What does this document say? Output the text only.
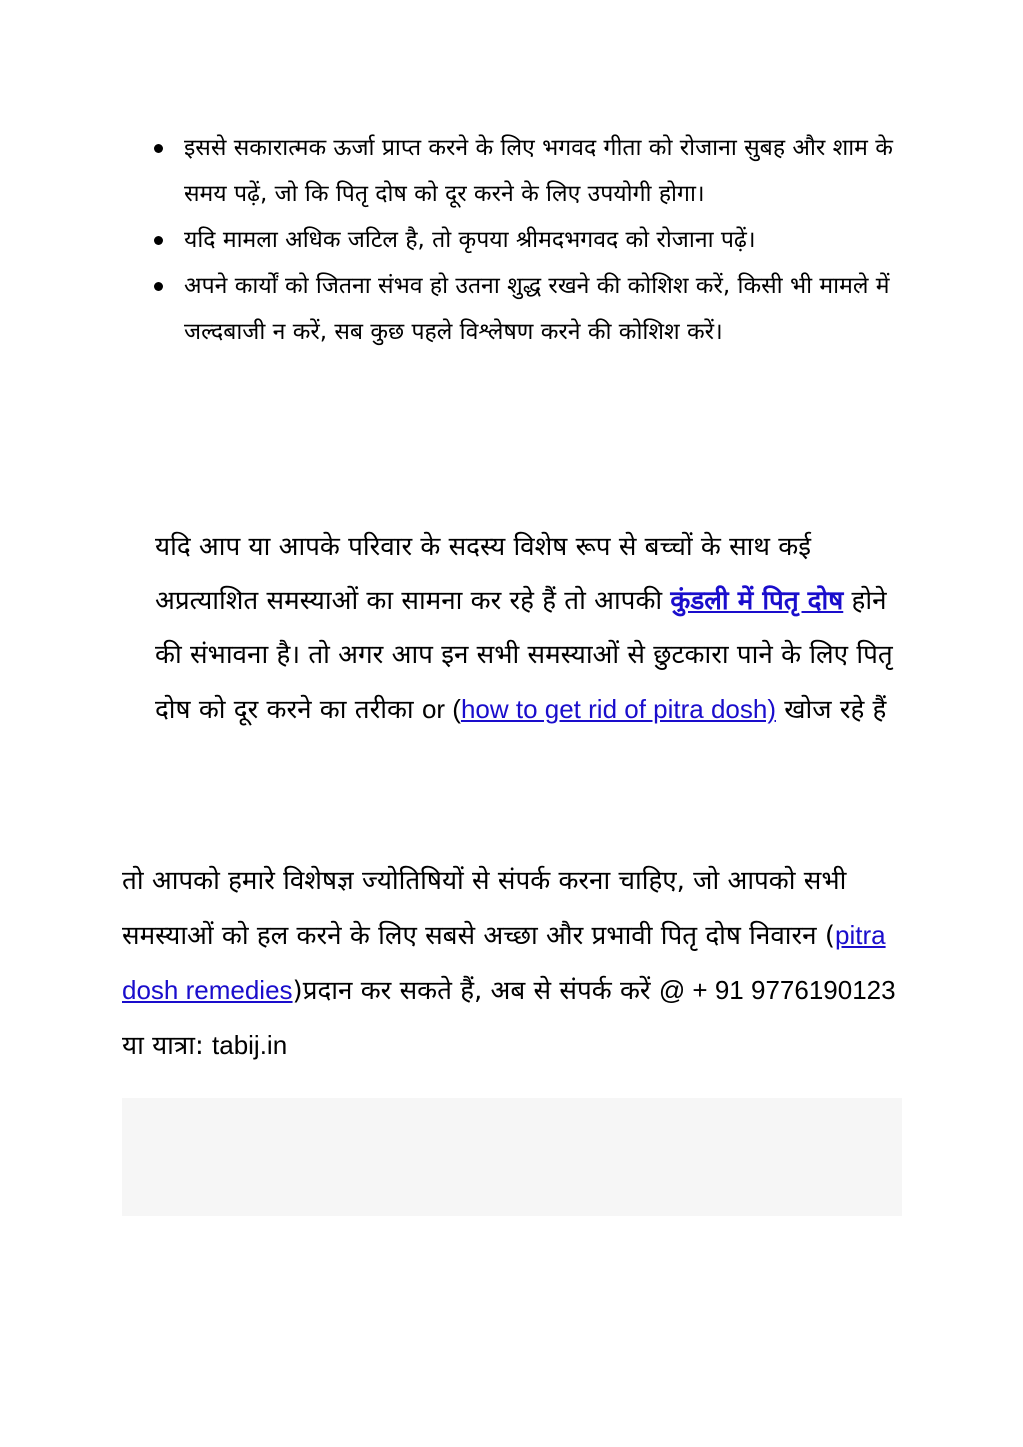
इससे सकारात्मक ऊर्जा प्राप्त करने के लिए भगवद गीता को रोजाना सुबह और शाम के समय पढ़ें, जो कि पितृ दोष को दूर करने के लिए उपयोगी होगा।
यदि मामला अधिक जटिल है, तो कृपया श्रीमदभगवद को रोजाना पढ़ें।
अपने कार्यों को जितना संभव हो उतना शुद्ध रखने की कोशिश करें, किसी भी मामले में जल्दबाजी न करें, सब कुछ पहले विश्लेषण करने की कोशिश करें।

यदि आप या आपके परिवार के सदस्य विशेष रूप से बच्चों के साथ कई अप्रत्याशित समस्याओं का सामना कर रहे हैं तो आपकी कुंडली में पितृ दोष होने की संभावना है। तो अगर आप इन सभी समस्याओं से छुटकारा पाने के लिए पितृ दोष को दूर करने का तरीका or (how to get rid of pitra dosh) खोज रहे हैं

तो आपको हमारे विशेषज्ञ ज्योतिषियों से संपर्क करना चाहिए, जो आपको सभी समस्याओं को हल करने के लिए सबसे अच्छा और प्रभावी पितृ दोष निवारन (pitra dosh remedies)प्रदान कर सकते हैं, अब से संपर्क करें @ + 91 9776190123 या यात्रा: tabij.in
